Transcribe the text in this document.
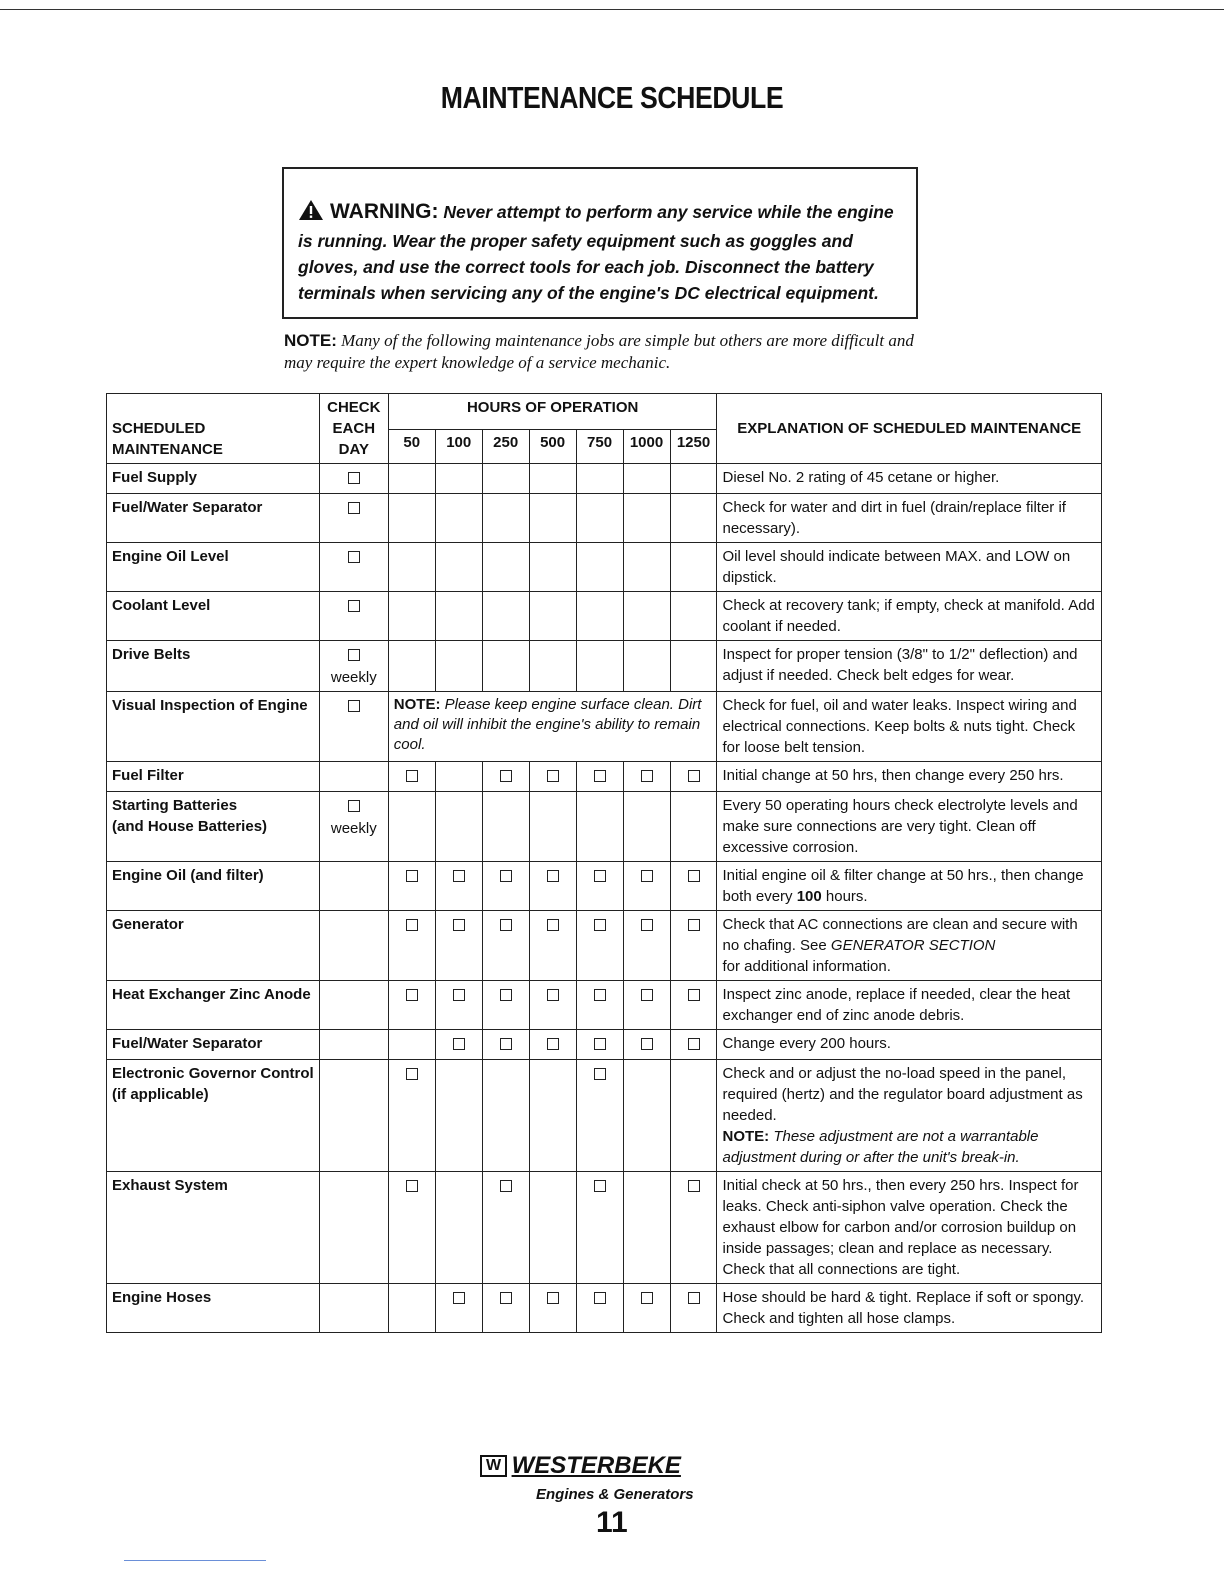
MAINTENANCE SCHEDULE
WARNING: Never attempt to perform any service while the engine is running. Wear the proper safety equipment such as goggles and gloves, and use the correct tools for each job. Disconnect the battery terminals when servicing any of the engine's DC electrical equipment.
NOTE: Many of the following maintenance jobs are simple but others are more difficult and may require the expert knowledge of a service mechanic.
SCHEDULED MAINTENANCE	CHECK EACH DAY	HOURS OF OPERATION							EXPLANATION OF SCHEDULED MAINTENANCE
		50	100	250	500	750	1000	1250	

Fuel Supply									Diesel No. 2 rating of 45 cetane or higher.

Fuel/Water Separator									Check for water and dirt in fuel (drain/replace filter if necessary).

Engine Oil Level									Oil level should indicate between MAX. and LOW on dipstick.

Coolant Level									Check at recovery tank; if empty, check at manifold. Add coolant if needed.

Drive Belts	weekly								Inspect for proper tension (3/8" to 1/2" deflection) and adjust if needed. Check belt edges for wear.

Visual Inspection of Engine		NOTE: Please keep engine surface clean. Dirt and oil will inhibit the engine's ability to remain cool.							Check for fuel, oil and water leaks. Inspect wiring and electrical connections. Keep bolts & nuts tight. Check for loose belt tension.

Fuel Filter									Initial change at 50 hrs, then change every 250 hrs.

Starting Batteries
(and House Batteries)	weekly								Every 50 operating hours check electrolyte levels and make sure connections are very tight. Clean off excessive corrosion.

Engine Oil (and filter)									Initial engine oil & filter change at 50 hrs., then change both every 100 hours.

Generator									Check that AC connections are clean and secure with no chafing. See GENERATOR SECTION
for additional information.

Heat Exchanger Zinc Anode									Inspect zinc anode, replace if needed, clear the heat exchanger end of zinc anode debris.

Fuel/Water Separator									Change every 200 hours.

Electronic Governor Control
(if applicable)									Check and or adjust the no-load speed in the panel, required (hertz) and the regulator board adjustment as needed.
NOTE: These adjustment are not a warrantable adjustment during or after the unit's break-in.

Exhaust System									Initial check at 50 hrs., then every 250 hrs. Inspect for leaks. Check anti-siphon valve operation. Check the exhaust elbow for carbon and/or corrosion buildup on inside passages; clean and replace as necessary. Check that all connections are tight.

Engine Hoses									Hose should be hard & tight. Replace if soft or spongy. Check and tighten all hose clamps.
W WESTERBEKE
Engines & Generators
11
